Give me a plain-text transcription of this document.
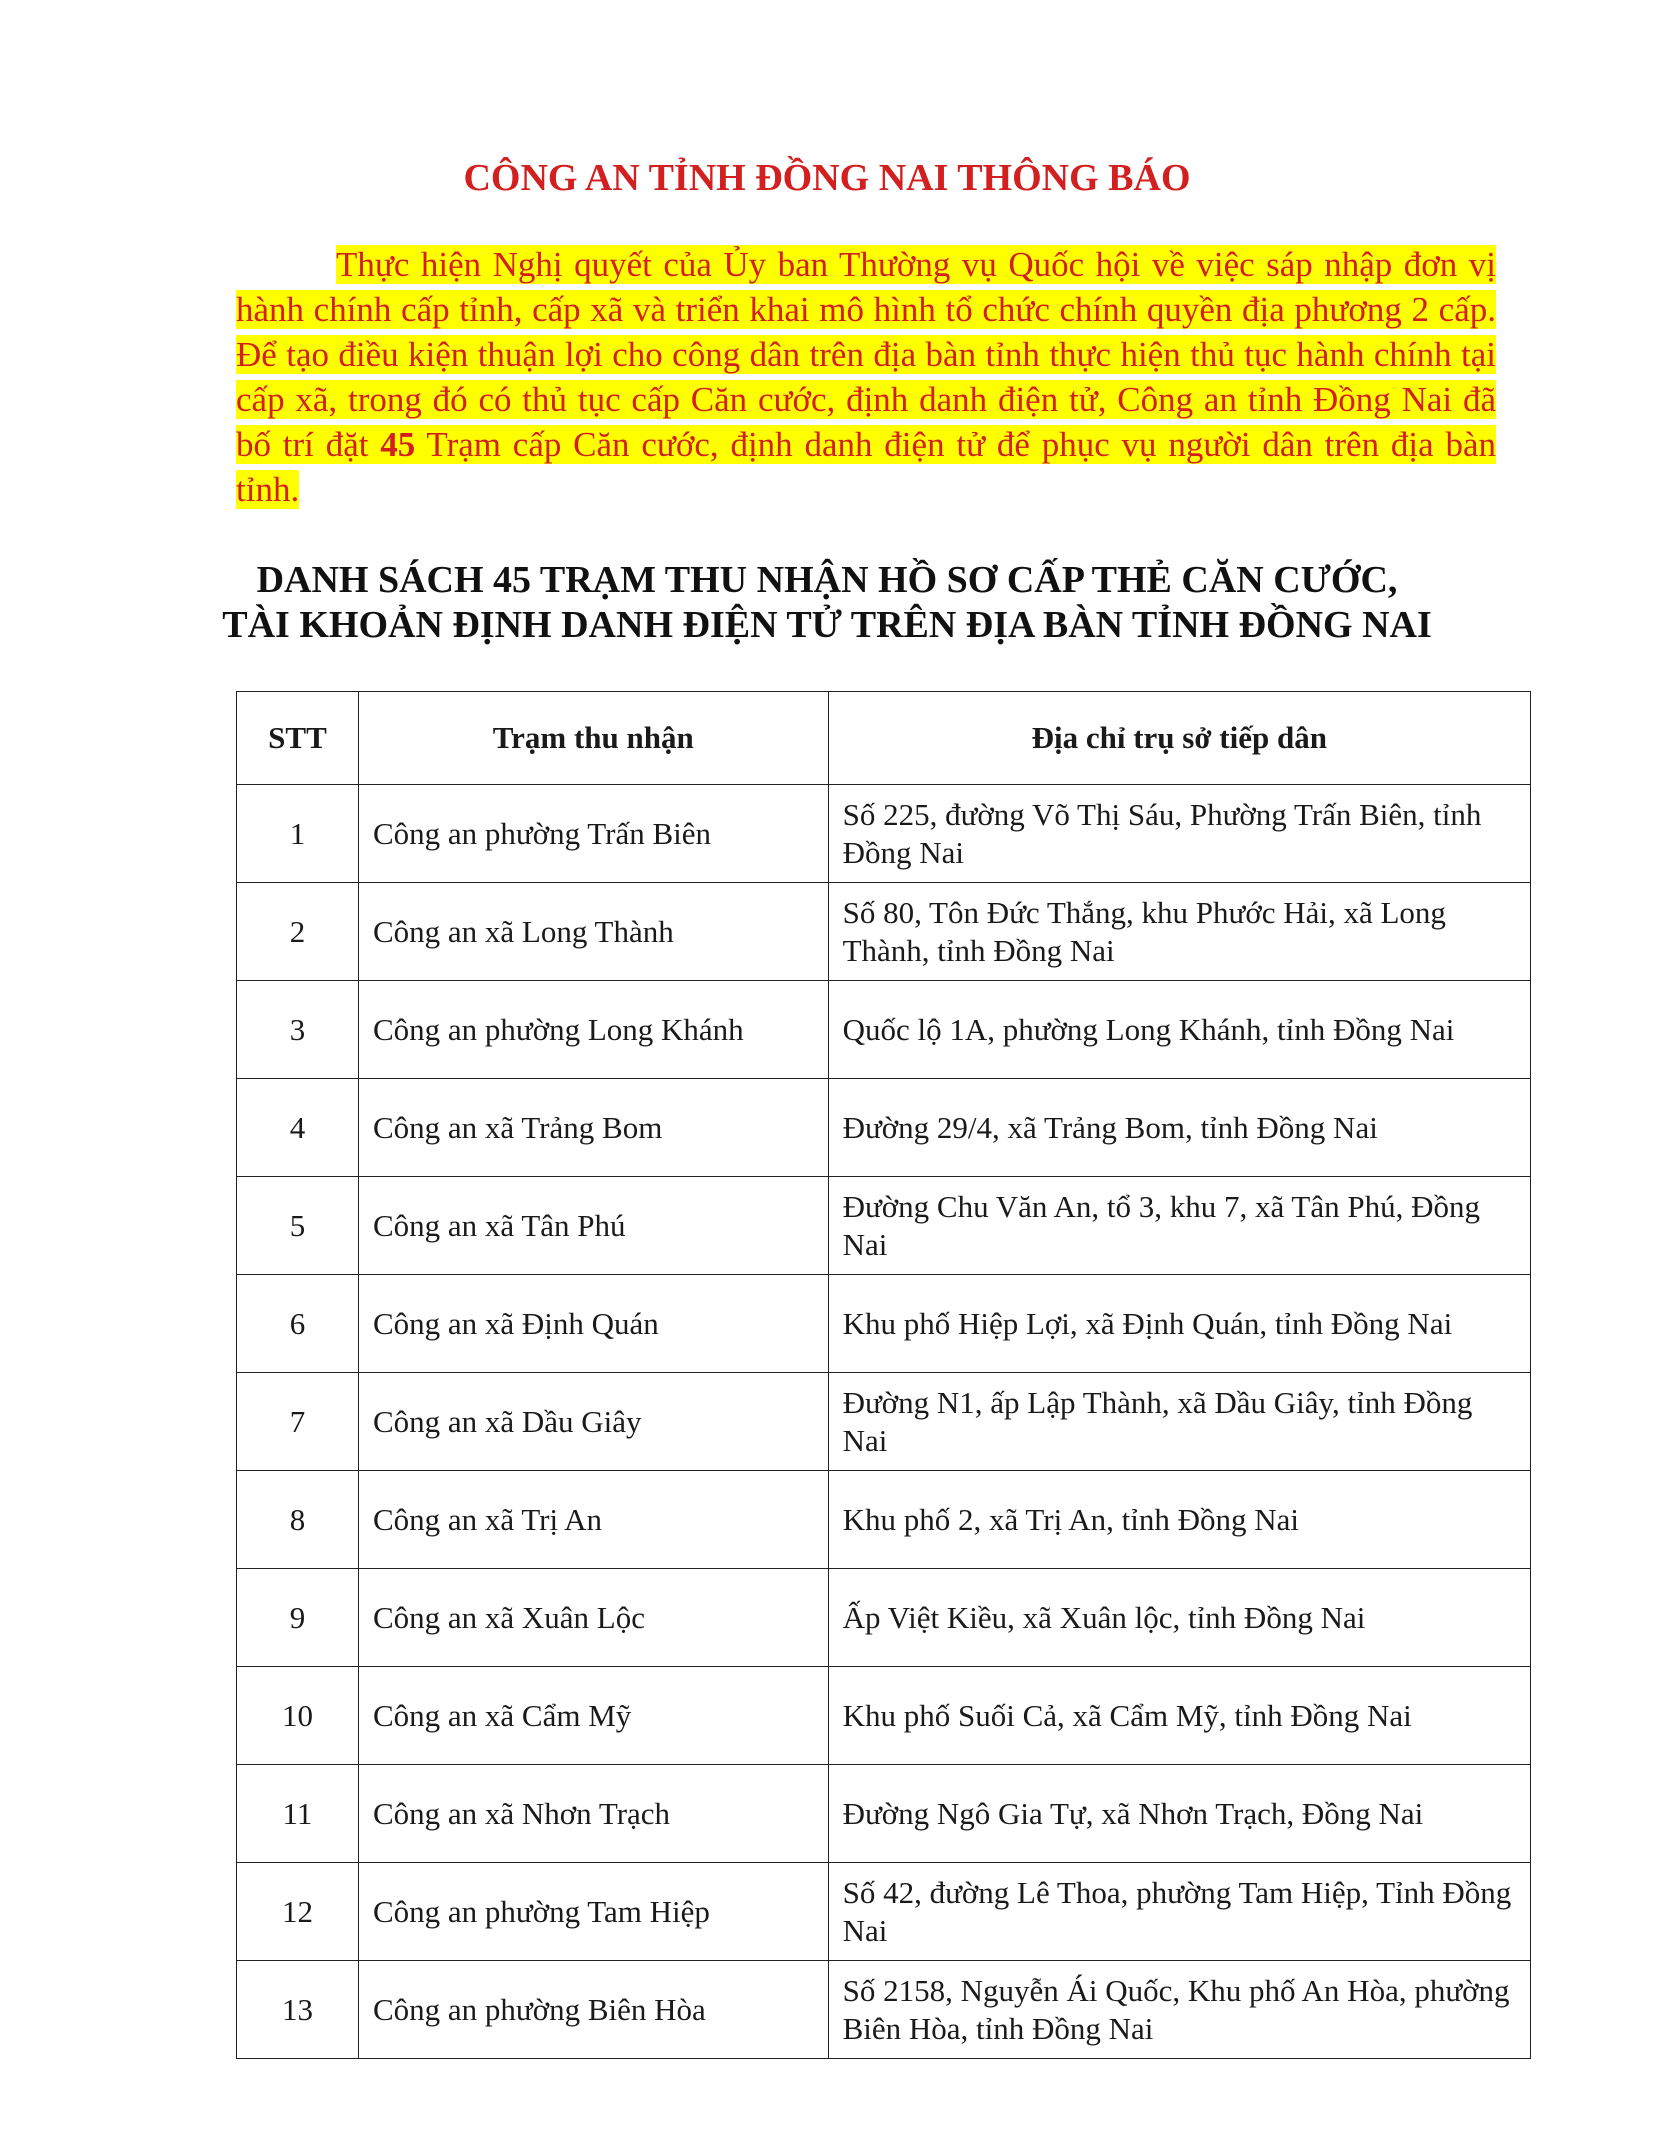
CÔNG AN TỈNH ĐỒNG NAI THÔNG BÁO

Thực hiện Nghị quyết của Ủy ban Thường vụ Quốc hội về việc sáp nhập đơn vị hành chính cấp tỉnh, cấp xã và triển khai mô hình tổ chức chính quyền địa phương 2 cấp. Để tạo điều kiện thuận lợi cho công dân trên địa bàn tỉnh thực hiện thủ tục hành chính tại cấp xã, trong đó có thủ tục cấp Căn cước, định danh điện tử, Công an tỉnh Đồng Nai đã bố trí đặt 45 Trạm cấp Căn cước, định danh điện tử để phục vụ người dân trên địa bàn tỉnh.

DANH SÁCH 45 TRẠM THU NHẬN HỒ SƠ CẤP THẺ CĂN CƯỚC,
TÀI KHOẢN ĐỊNH DANH ĐIỆN TỬ TRÊN ĐỊA BÀN TỈNH ĐỒNG NAI
STT	Trạm thu nhận	Địa chỉ trụ sở tiếp dân
1	Công an phường Trấn Biên	Số 225, đường Võ Thị Sáu, Phường Trấn Biên, tỉnh Đồng Nai
2	Công an xã Long Thành	Số 80, Tôn Đức Thắng, khu Phước Hải, xã Long Thành, tỉnh Đồng Nai
3	Công an phường Long Khánh	Quốc lộ 1A, phường Long Khánh, tỉnh Đồng Nai
4	Công an xã Trảng Bom	Đường 29/4, xã Trảng Bom, tỉnh Đồng Nai
5	Công an xã Tân Phú	Đường Chu Văn An, tổ 3, khu 7, xã Tân Phú, Đồng Nai
6	Công an xã Định Quán	Khu phố Hiệp Lợi, xã Định Quán, tỉnh Đồng Nai
7	Công an xã Dầu Giây	Đường N1, ấp Lập Thành, xã Dầu Giây, tỉnh Đồng Nai
8	Công an xã Trị An	Khu phố 2, xã Trị An, tỉnh Đồng Nai
9	Công an xã Xuân Lộc	Ấp Việt Kiều, xã Xuân lộc, tỉnh Đồng Nai
10	Công an xã Cẩm Mỹ	Khu phố Suối Cả, xã Cẩm Mỹ, tỉnh Đồng Nai
11	Công an xã Nhơn Trạch	Đường Ngô Gia Tự, xã Nhơn Trạch, Đồng Nai
12	Công an phường Tam Hiệp	Số 42, đường Lê Thoa, phường Tam Hiệp, Tỉnh Đồng Nai
13	Công an phường Biên Hòa	Số 2158, Nguyễn Ái Quốc, Khu phố An Hòa, phường Biên Hòa, tỉnh Đồng Nai
